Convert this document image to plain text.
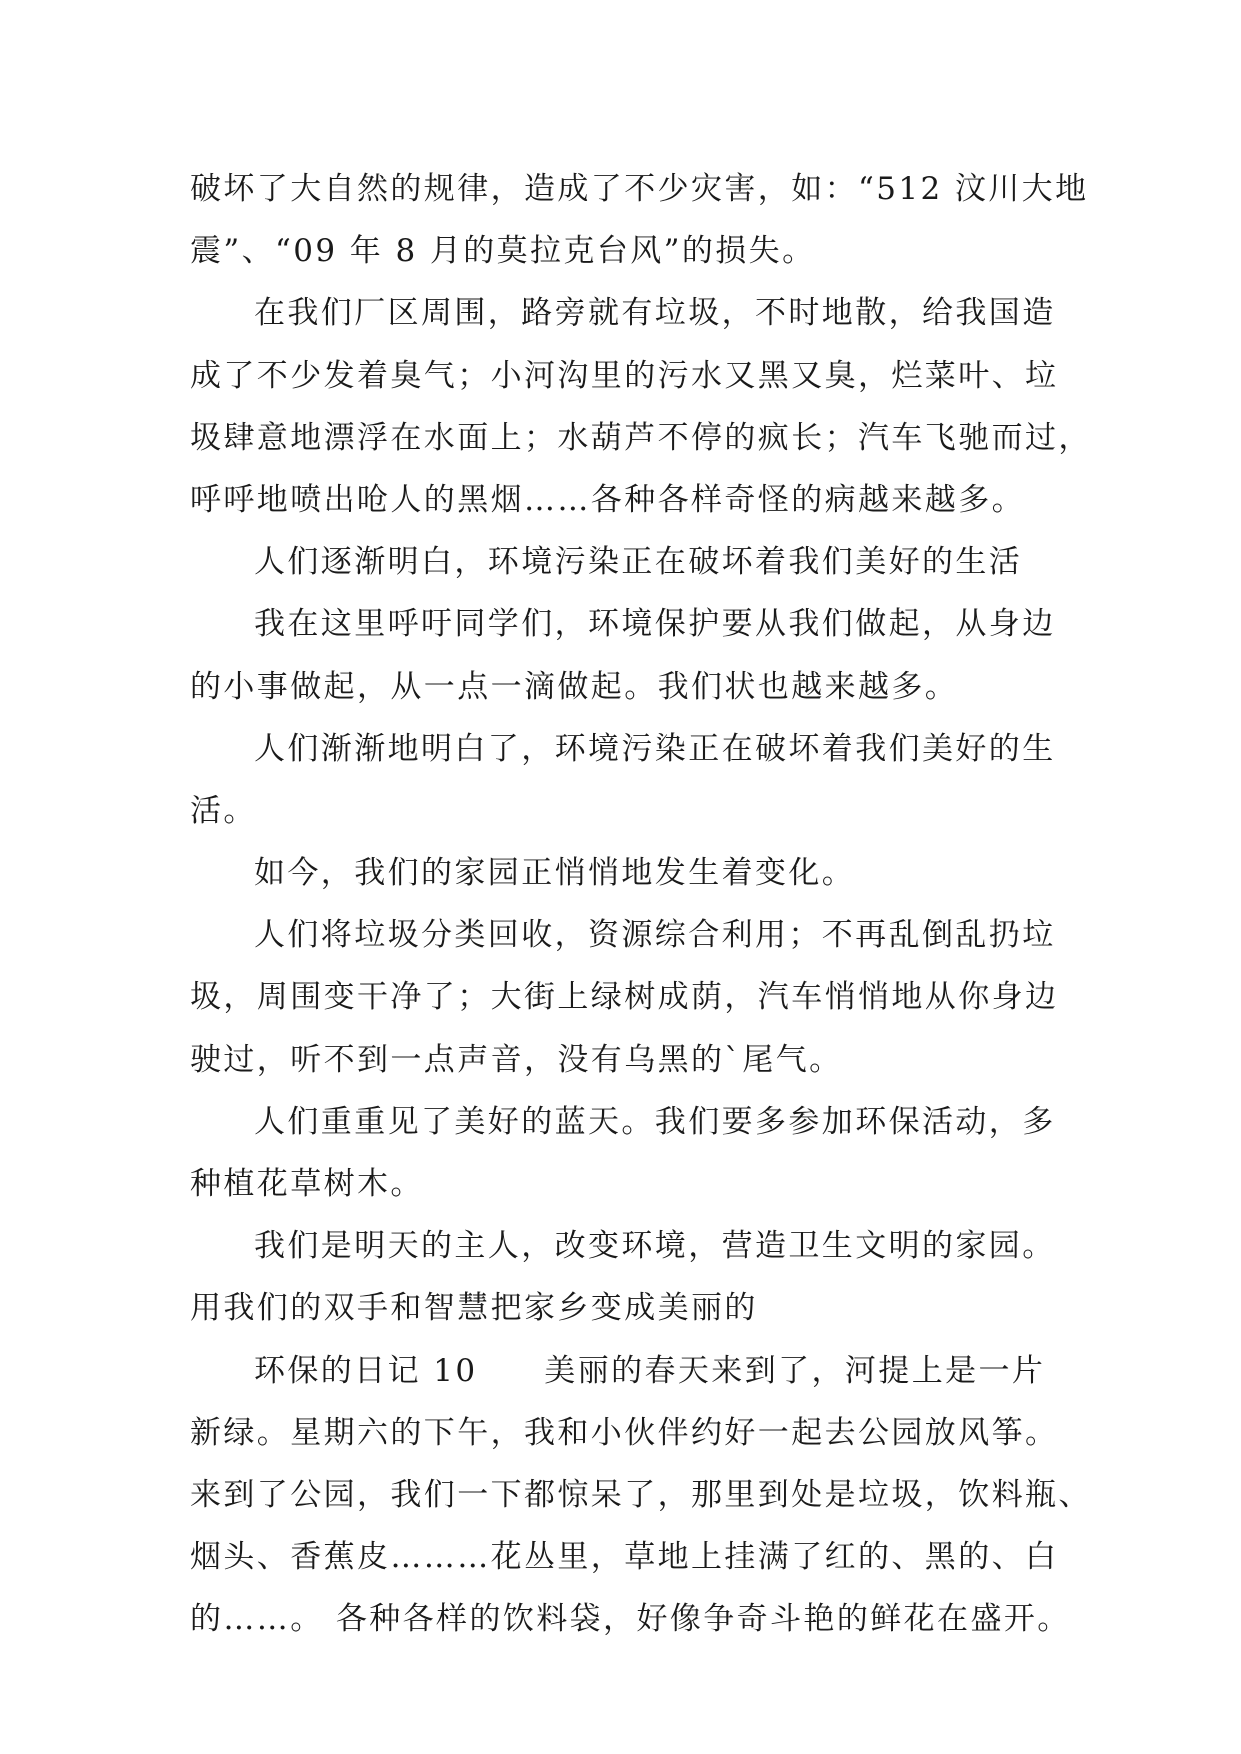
破坏了大自然的规律，造成了不少灾害，如：“512 汶川大地
震”、“09 年 8 月的莫拉克台风”的损失。
在我们厂区周围，路旁就有垃圾，不时地散，给我国造
成了不少发着臭气；小河沟里的污水又黑又臭，烂菜叶、垃
圾肆意地漂浮在水面上；水葫芦不停的疯长；汽车飞驰而过，
呼呼地喷出呛人的黑烟……各种各样奇怪的病越来越多。
人们逐渐明白，环境污染正在破坏着我们美好的生活
我在这里呼吁同学们，环境保护要从我们做起，从身边
的小事做起，从一点一滴做起。我们状也越来越多。
人们渐渐地明白了，环境污染正在破坏着我们美好的生
活。
如今，我们的家园正悄悄地发生着变化。
人们将垃圾分类回收，资源综合利用；不再乱倒乱扔垃
圾，周围变干净了；大街上绿树成荫，汽车悄悄地从你身边
驶过，听不到一点声音，没有乌黑的`尾气。
人们重重见了美好的蓝天。我们要多参加环保活动，多
种植花草树木。
我们是明天的主人，改变环境，营造卫生文明的家园。
用我们的双手和智慧把家乡变成美丽的
环保的日记 10　　美丽的春天来到了，河提上是一片
新绿。星期六的下午，我和小伙伴约好一起去公园放风筝。
来到了公园，我们一下都惊呆了，那里到处是垃圾，饮料瓶、
烟头、香蕉皮………花丛里，草地上挂满了红的、黑的、白
的……。 各种各样的饮料袋，好像争奇斗艳的鲜花在盛开。
